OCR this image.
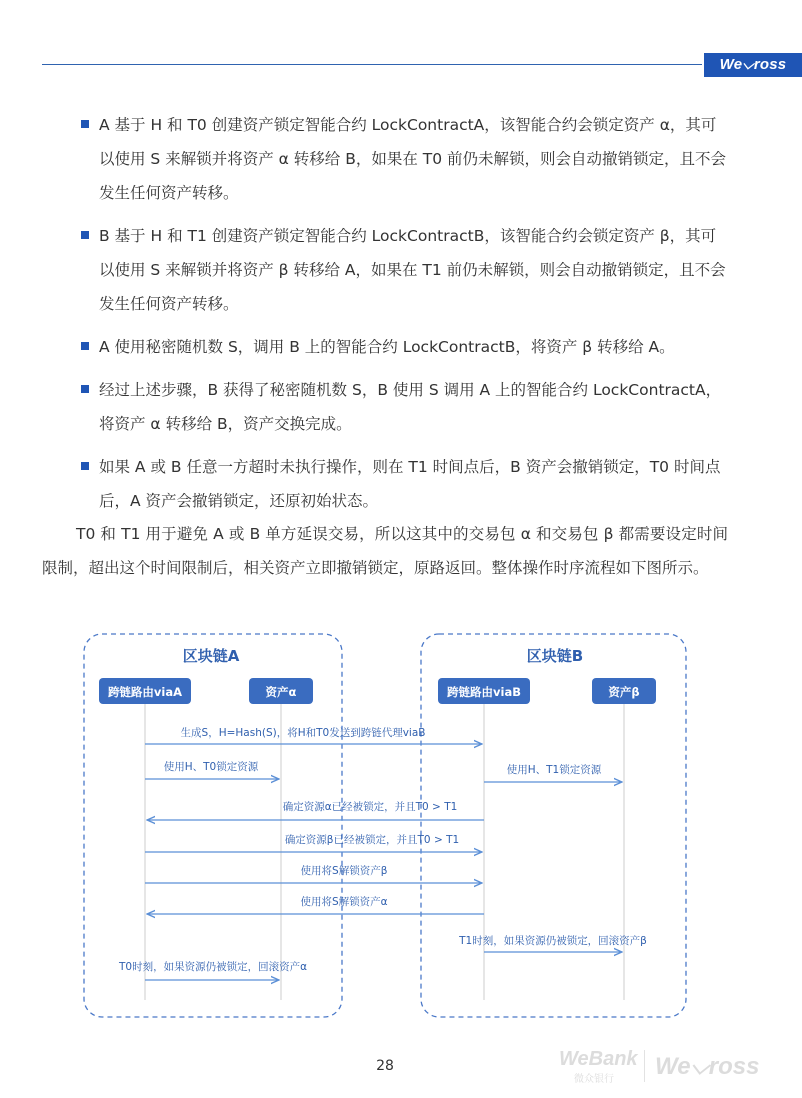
We⌵ross
A 基于 H 和 T0 创建资产锁定智能合约 LockContractA，该智能合约会锁定资产 α，其可以使用 S 来解锁并将资产 α 转移给 B，如果在 T0 前仍未解锁，则会自动撤销锁定，且不会发生任何资产转移。
B 基于 H 和 T1 创建资产锁定智能合约 LockContractB，该智能合约会锁定资产 β，其可以使用 S 来解锁并将资产 β 转移给 A，如果在 T1 前仍未解锁，则会自动撤销锁定，且不会发生任何资产转移。
A 使用秘密随机数 S，调用 B 上的智能合约 LockContractB，将资产 β 转移给 A。
经过上述步骤，B 获得了秘密随机数 S，B 使用 S 调用 A 上的智能合约 LockContractA，将资产 α 转移给 B，资产交换完成。
如果 A 或 B 任意一方超时未执行操作，则在 T1 时间点后，B 资产会撤销锁定，T0 时间点后，A 资产会撤销锁定，还原初始状态。
T0 和 T1 用于避免 A 或 B 单方延误交易，所以这其中的交易包 α 和交易包 β 都需要设定时间限制，超出这个时间限制后，相关资产立即撤销锁定，原路返回。整体操作时序流程如下图所示。
区块链A	区块链B
跨链路由viaA	资产α	跨链路由viaB	资产β
生成S，H=Hash(S)，将H和T0发送到跨链代理viaB
使用H、T0锁定资源	使用H、T1锁定资源
确定资源α已经被锁定，并且T0 > T1
确定资源β已经被锁定，并且T0 > T1
使用将S解锁资产β
使用将S解锁资产α
T1时刻，如果资源仍被锁定，回滚资产β
T0时刻，如果资源仍被锁定，回滚资产α
28	WeBank
微众银行 We⌵ross
